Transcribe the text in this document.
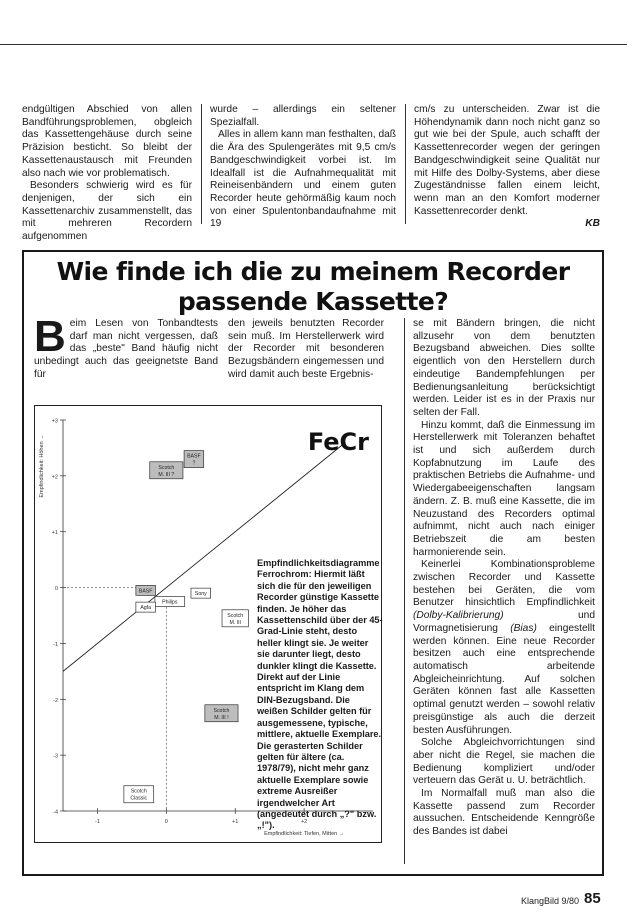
endgültigen Abschied von allen Bandführungsproblemen, obgleich das Kassettengehäuse durch seine Präzision besticht. So bleibt der Kassettenaustausch mit Freunden also nach wie vor problematisch.

Besonders schwierig wird es für denjenigen, der sich ein Kassettenarchiv zusammenstellt, das mit mehreren Recordern aufgenommen

wurde – allerdings ein seltener Spezialfall.

Alles in allem kann man festhalten, daß die Ära des Spulengerätes mit 9,5 cm/s Bandgeschwindigkeit vorbei ist. Im Idealfall ist die Aufnahmequalität mit Reineisenbändern und einem guten Recorder heute gehörmäßig kaum noch von einer Spulentonbandaufnahme mit 19

cm/s zu unterscheiden. Zwar ist die Höhendynamik dann noch nicht ganz so gut wie bei der Spule, auch schafft der Kassettenrecorder wegen der geringen Bandgeschwindigkeit seine Qualität nur mit Hilfe des Dolby-Systems, aber diese Zugeständnisse fallen einem leicht, wenn man an den Komfort moderner Kassettenrecorder denkt.

KB

Wie finde ich die zu meinem Recorder
passende Kassette?

Beim Lesen von Tonbandtests darf man nicht vergessen, daß das „beste" Band häufig nicht unbedingt auch das geeignetste Band für

den jeweils benutzten Recorder sein muß. Im Herstellerwerk wird der Recorder mit besonderen Bezugsbändern eingemessen und wird damit auch beste Ergebnis-

se mit Bändern bringen, die nicht allzusehr von dem benutzten Bezugsband abweichen. Dies sollte eigentlich von den Herstellern durch eindeutige Bandempfehlungen per Bedienungsanleitung berücksichtigt werden. Leider ist es in der Praxis nur selten der Fall.

Hinzu kommt, daß die Einmessung im Herstellerwerk mit Toleranzen behaftet ist und sich außerdem durch Kopfabnutzung im Laufe des praktischen Betriebs die Aufnahme- und Wiedergabeeigenschaften langsam ändern. Z. B. muß eine Kassette, die im Neuzustand des Recorders optimal aufnimmt, nicht auch nach einiger Betriebszeit die am besten harmonierende sein.

Keinerlei Kombinationsprobleme zwischen Recorder und Kassette bestehen bei Geräten, die vom Benutzer hinsichtlich Empfindlichkeit (Dolby-Kalibrierung) und Vormagnetisierung (Bias) eingestellt werden können. Eine neue Recorder besitzen auch eine entsprechende automatisch arbeitende Abgleicheinrichtung. Auf solchen Geräten können fast alle Kassetten optimal genutzt werden – sowohl relativ preisgünstige als auch die derzeit besten Ausführungen.

Solche Abgleichvorrichtungen sind aber nicht die Regel, sie machen die Bedienung kompliziert und/oder verteuern das Gerät u. U. beträchtlich.

Im Normalfall muß man also die Kassette passend zum Recorder aussuchen. Entscheidende Kenngröße des Bandes ist dabei

+3
+2
+1
0
-1
-2
-3
-4
-1	0	+1	+2
FeCr
Empfindlichkeit: Tiefen, Mitten →
Empfindlichkeit: Höhen →	BASF
?
Scotch
M. III ?
BASF
Philips
Sony
Agfa
Scotch
M. III
Scotch
M. III !
Scotch
Classic
Empfindlichkeitsdiagramme Ferrochrom: Hiermit läßt sich die für den jeweiligen Recorder günstige Kassette finden. Je höher das Kassettenschild über der 45-Grad-Linie steht, desto heller klingt sie. Je weiter sie darunter liegt, desto dunkler klingt die Kassette. Direkt auf der Linie entspricht im Klang dem DIN-Bezugsband. Die weißen Schilder gelten für ausgemessene, typische, mittlere, aktuelle Exemplare. Die gerasterten Schilder gelten für ältere (ca. 1978/79), nicht mehr ganz aktuelle Exemplare sowie extreme Ausreißer irgendwelcher Art (angedeutet durch „?" bzw. „!").
KlangBild 9/80 85
